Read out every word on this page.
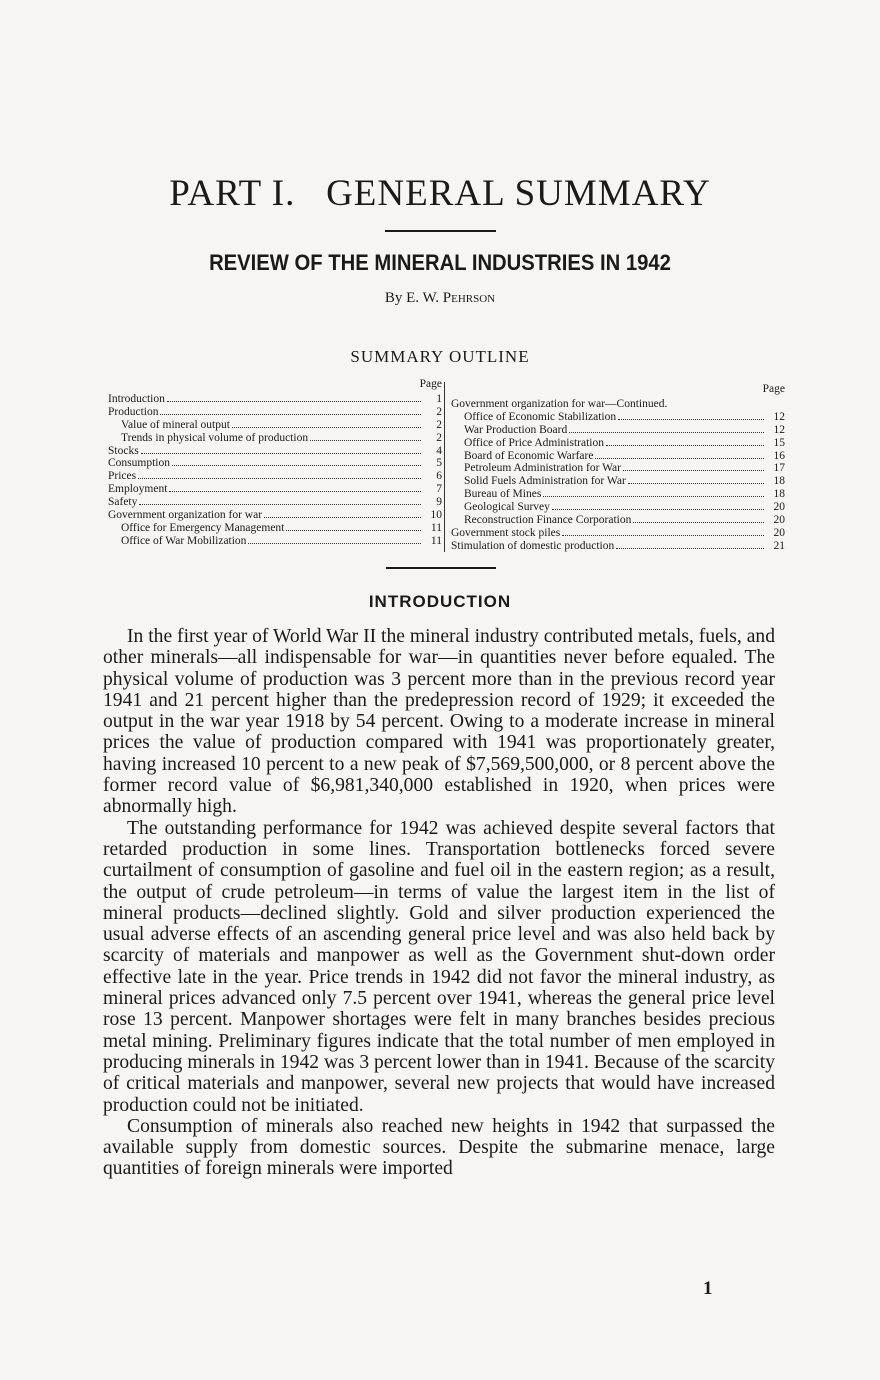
PART I.   GENERAL SUMMARY
REVIEW OF THE MINERAL INDUSTRIES IN 1942
By E. W. Pehrson
SUMMARY OUTLINE
Page
Introduction	1
Production	2
Value of mineral output	2
Trends in physical volume of production	2
Stocks	4
Consumption	5
Prices	6
Employment	7
Safety	9
Government organization for war	10
Office for Emergency Management	11
Office of War Mobilization	11
Page
Government organization for war—Continued.
Office of Economic Stabilization	12
War Production Board	12
Office of Price Administration	15
Board of Economic Warfare	16
Petroleum Administration for War	17
Solid Fuels Administration for War	18
Bureau of Mines	18
Geological Survey	20
Reconstruction Finance Corporation	20
Government stock piles	20
Stimulation of domestic production	21
INTRODUCTION

In the first year of World War II the mineral industry contributed metals, fuels, and other minerals—all indispensable for war—in quantities never before equaled. The physical volume of production was 3 percent more than in the previous record year 1941 and 21 percent higher than the predepression record of 1929; it exceeded the output in the war year 1918 by 54 percent. Owing to a moderate increase in mineral prices the value of production compared with 1941 was proportionately greater, having increased 10 percent to a new peak of $7,569,500,000, or 8 percent above the former record value of $6,981,340,000 established in 1920, when prices were abnormally high.

The outstanding performance for 1942 was achieved despite several factors that retarded production in some lines. Transportation bottlenecks forced severe curtailment of consumption of gasoline and fuel oil in the eastern region; as a result, the output of crude petroleum—in terms of value the largest item in the list of mineral products—declined slightly. Gold and silver production experienced the usual adverse effects of an ascending general price level and was also held back by scarcity of materials and manpower as well as the Government shut-down order effective late in the year. Price trends in 1942 did not favor the mineral industry, as mineral prices advanced only 7.5 percent over 1941, whereas the general price level rose 13 percent. Manpower shortages were felt in many branches besides precious metal mining. Preliminary figures indicate that the total number of men employed in producing minerals in 1942 was 3 percent lower than in 1941. Because of the scarcity of critical materials and manpower, several new projects that would have increased production could not be initiated.

Consumption of minerals also reached new heights in 1942 that surpassed the available supply from domestic sources. Despite the submarine menace, large quantities of foreign minerals were imported

1
